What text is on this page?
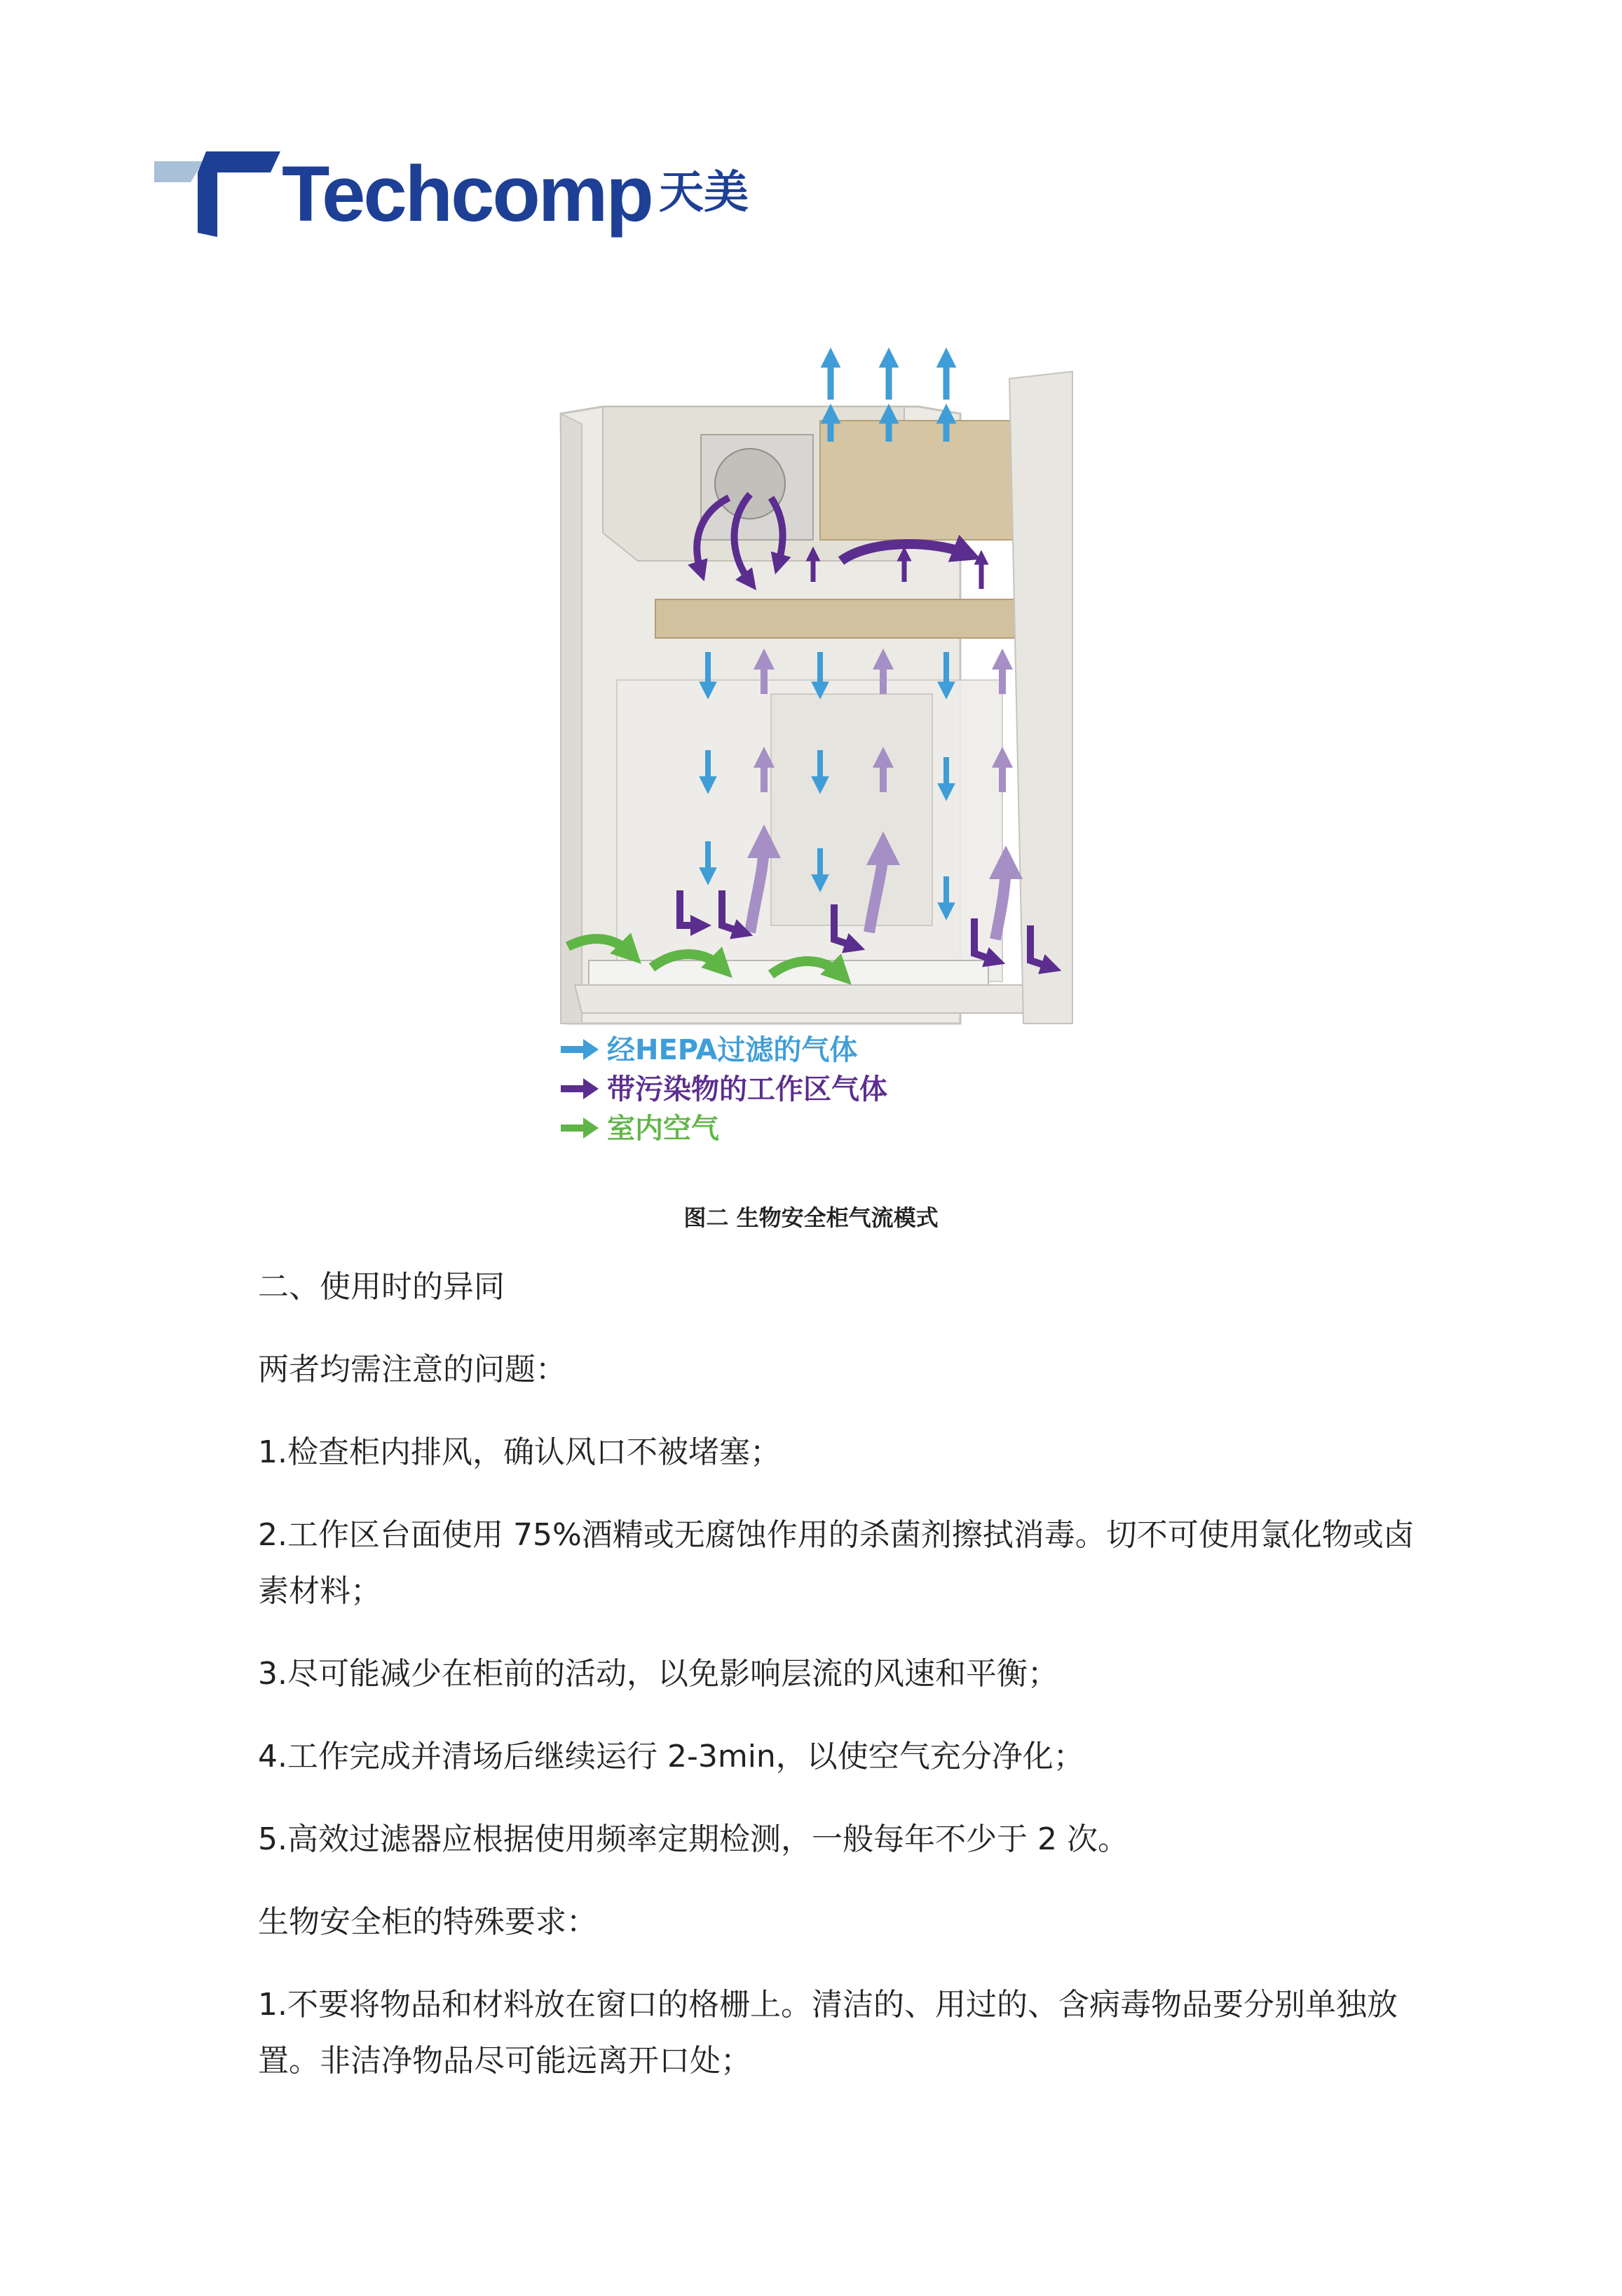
Techcomp 天美
经HEPA过滤的气体
带污染物的工作区气体
室内空气
图二 生物安全柜气流模式
二、使用时的异同
两者均需注意的问题：
1.检查柜内排风，确认风口不被堵塞；
2.工作区台面使用 75%酒精或无腐蚀作用的杀菌剂擦拭消毒。切不可使用氯化物或卤素材料；
3.尽可能减少在柜前的活动，以免影响层流的风速和平衡；
4.工作完成并清场后继续运行 2-3min，以使空气充分净化；
5.高效过滤器应根据使用频率定期检测，一般每年不少于 2 次。
生物安全柜的特殊要求：
1.不要将物品和材料放在窗口的格栅上。清洁的、用过的、含病毒物品要分别单独放置。非洁净物品尽可能远离开口处；
